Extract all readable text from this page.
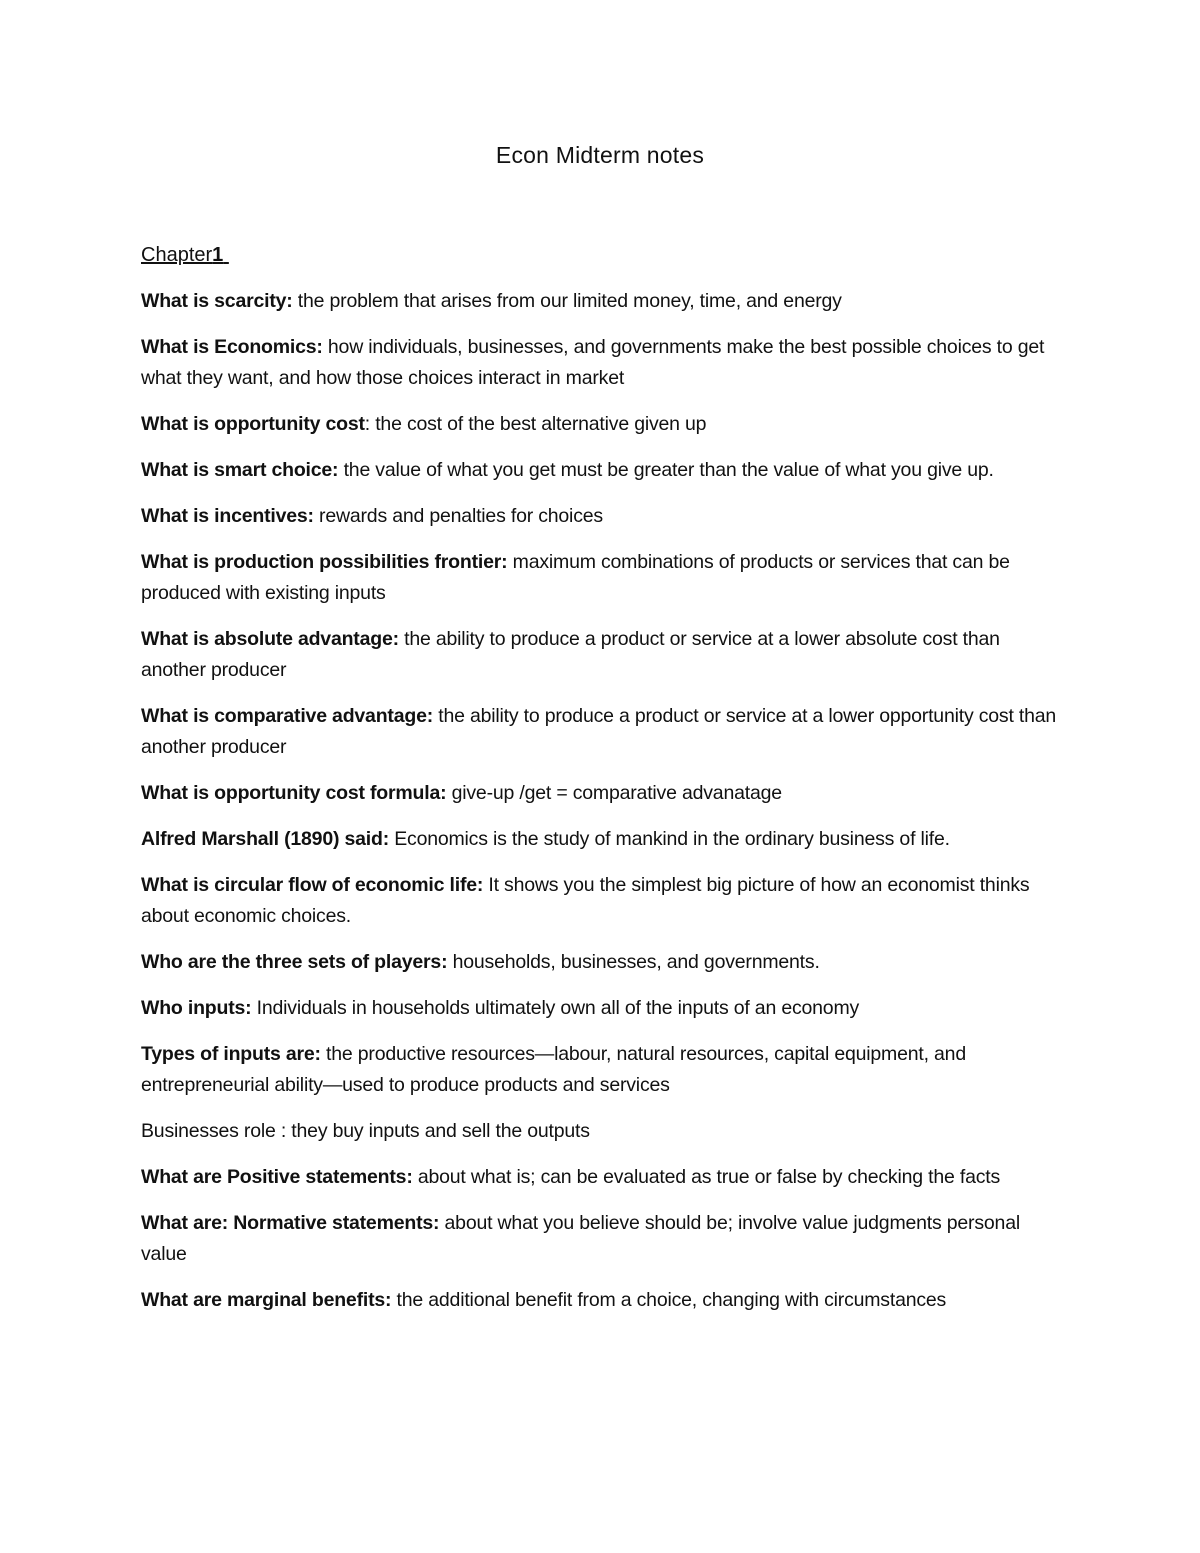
Econ Midterm notes
Chapter1

What is scarcity: the problem that arises from our limited money, time, and energy

What is Economics: how individuals, businesses, and governments make the best possible choices to get what they want, and how those choices interact in market

What is opportunity cost: the cost of the best alternative given up

What is smart choice: the value of what you get must be greater than the value of what you give up.

What is incentives: rewards and penalties for choices

What is production possibilities frontier: maximum combinations of products or services that can be produced with existing inputs

What is absolute advantage: the ability to produce a product or service at a lower absolute cost than another producer

What is comparative advantage: the ability to produce a product or service at a lower opportunity cost than another producer

What is opportunity cost formula: give-up /get = comparative advanatage

Alfred Marshall (1890) said: Economics is the study of mankind in the ordinary business of life.

What is circular flow of economic life: It shows you the simplest big picture of how an economist thinks about economic choices.

Who are the three sets of players: households, businesses, and governments.

Who inputs: Individuals in households ultimately own all of the inputs of an economy

Types of inputs are: the productive resources—labour, natural resources, capital equipment, and entrepreneurial ability—used to produce products and services

Businesses role : they buy inputs and sell the outputs

What are Positive statements: about what is; can be evaluated as true or false by checking the facts

What are: Normative statements: about what you believe should be; involve value judgments personal value

What are marginal benefits: the additional benefit from a choice, changing with circumstances
